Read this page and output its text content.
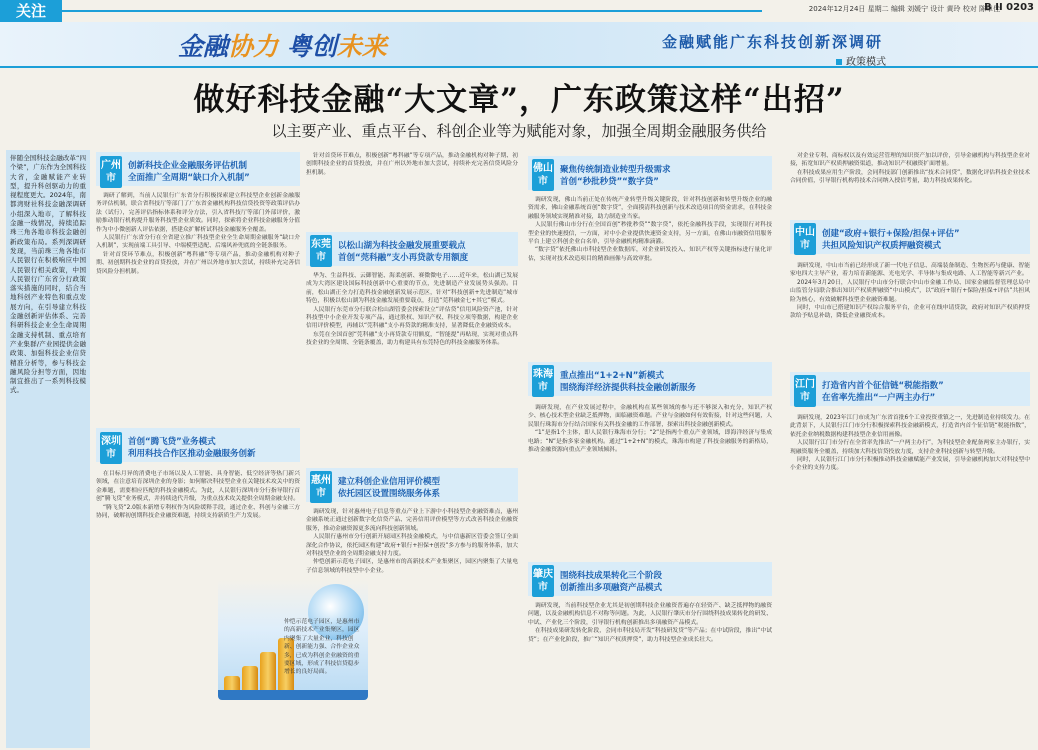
关注	2024年12月24日 星期二 编辑 刘媛宁 设计 黄玲 校对 陈卓佳
B II 0203
金融协力 粤创未来	金融赋能广东科技创新深调研
政策模式
做好科技金融“大文章”，广东政策这样“出招”
以主要产业、重点平台、科创企业等为赋能对象，加强全周期金融服务供给

伴随全国科技金融改革“四个梁”，广东作为全国科技大省，金融赋能产业转型，提升科创驱动力的重视程度更大。2024年，南都湾财社科技金融深调研小组深入地市，了解科技金融一线情况，持续追踪珠三角各地市科技金融创新政策布局。系列深调研发现，当前珠三角各地市人民银行在积极响应中国人民银行相关政策，中国人民银行广东省分行政策落实措施的同时，结合当地科创产业特色和重点发展方向，在引导建立科技金融创新评估体系、完善科研科技企业全生命周期金融支持机制、重点培育产业集群/产业园提供金融政策、加强科技企业信贷精准分析等，参与科技金融风险分担等方面，因地制宜推出了一系列科技模式。

广州市
创新科技企业金融服务评估机制
全面推广全周期“缺口介入机制”

调研了解到，当前人民银行广东省分行积极探索建立科技型企业创新金融服务评估机制，联合省科技厅等部门了广东省金融机构科技信贷投资等政策评估办法（试行），完善评估指标体系和评分方法，引入省科技厅等部门外部评价，激励推动银行机构提升服务科技型企业质效。同时，探索将企业科技金融服务分值作为中小微创新人评估依据，搭建众扩解析试科技金融服务全覆盖。

人民银行广东省分行在全省建立推广科技型企业全生命周期金融服务“缺口介入机制”，实现前端工具引导、中端模型适配、后端风补兜底的全链条服务。

针对首贷环节难点，积极创新“粤科融”等专项产品，推动金融机构对种子期、初创期科技企业的首贷投放，并在广州以外地市加大尝试，持续补充完善信贷风险分担机制。

深圳市
首创“腾飞贷”业务模式
利用科技合作区推动金融服务创新

在目标月异的消费电子市场以及人工智能、具身智能、低空经济等热门新兴领域，在注意培育深圳企业的身影；如何解决科技型企业在关键技术攻关中的资金难题，需要相应匹配的科技金融模式。为此，人民银行深圳市分行指导银行首创“腾飞贷”业务模式，并持续迭代升级，为重点技术攻关提供全周期金融支持。

“腾飞贷”2.0版本新增专利权作为风险缓释手段，通过企业、科创与金融三方协同，破解初创期科技企业融资难题，持续支持新质生产力发展。

针对首贷环节难点，积极创新“粤科融”等专项产品，推动金融机构对种子期、初创期科技企业的首贷投放，并在广州以外地市加大尝试，持续补充完善信贷风险分担机制。

东莞市
以松山湖为科技金融发展重要载点
首创“莞科融”支小再贷款专用额度

华为、生益科技、云御智能、海柔创新、赛微微电子……近年来，松山湖已发展成为大湾区建设国际科技创新中心重要的节点，先进制造产业发展势头强劲。目前，松山湖正全力打造科技金融创新发展示范区，针对“科技创新+先进制造”城市特色，积极以松山湖为科技金融发展重要载点，打造“莞科融金七+其它”模式。

人民银行东莞市分行联合松山湖管委会探索设立“评估贷”信用风险资产池，针对科技型中小企业开发专项产品，通过股权、知识产权、科技立项等数据，构建企业信用评价模型，再辅以“莞科融”支小再贷款的精准支持，显著降低企业融资成本。

东莞在全国首创“莞科融”支小再贷款专用额度，“智能提”再贴现，实现对重点科技企业的全周期、全链条覆盖，助力构建具有东莞特色的科技金融服务体系。

惠州市
建立科创企业信用评价模型
依托园区设置围绕服务体系

调研发现，针对惠州电子信息等重点产业上下游中小科技型企业融资难点，惠州金融系统正通过创新数字化信贷产品、完善信用评价模型等方式改善科技企业融资服务，推动金融资源更多流向科技创新领域。

人民银行惠州市分行创新开展园区科技金融模式，与中信惠新区管委会签订全面深化合作协议，依托园区构建“政府+银行+担保+创投”多方参与的服务体系，加大对科技型企业的全周期金融支持力度。

仲恺创新示范电子园区，是惠州市的高新技术产业集聚区，园区内聚集了大量电子信息领域的科技型中小企业。

仲恺示范电子园区，是惠州市的高新技术产业集聚区，园区内聚集了大量企业，科技创新、创新能力强、合作企业众多，已成为科创企业融资的重要区域，形成了科技信贷稳步增长的良好局面。
佛山市
聚焦传统制造业转型升级需求
首创“秒批秒贷”“数字贷”

调研发现，佛山当前正处在传统产业转型升级关键阶段，针对科技创新和转型升级企业的融资需求，佛山金融系统首创“数字贷”，全面摸清科技创新与技术改造项目的资金需求，在科技金融服务领域实现精准对接，助力制造业当家。

人民银行佛山市分行在全国首创“秒批秒贷”“数字贷”，依托金融科技手段，实现银行对科技型企业的快速授信，一方面，对中小企业提供快速资金支持，另一方面，在佛山市融资信用服务平台上建立科创企业白名单，引导金融机构精准滴灌。

“数字贷”依托佛山市科技型企业数据库，对企业研发投入、知识产权等关键指标进行量化评估，实现对技术改造项目的精准画像与高效审批。

珠海市
重点推出“1+2+N”新模式
围绕海洋经济提供科技金融创新服务

调研发现，在产业发展过程中，金融机构在某些领域的参与还不够深入和充分，知识产权少、核心技术型企业缺乏抵押物，面临融资难题。产业与金融如何有效衔接，针对这些问题，人民银行珠海市分行结合国家有关科技金融的工作部署，探索出科技金融创新模式。

“1”是指1个主体，即人民银行珠海市分行；“2”是指两个重点产业领域，即海洋经济与集成电路；“N”是指多家金融机构。通过“1+2+N”的模式，珠海市构建了科技金融服务的新格局，推动金融资源向重点产业领域倾斜。

肇庆市
围绕科技成果转化三个阶段
创新推出多项融资产品模式

调研发现，当前科技型企业尤其是初创期科技企业融资普遍存在轻资产、缺乏抵押物的融资问题，以及金融机构信息不对称等问题。为此，人民银行肇庆市分行围绕科技成果转化的研发、中试、产业化三个阶段，引导银行机构创新推出多项融资产品模式。

在科技成果研发转化阶段，会同市科技局开发“科技研发贷”等产品；在中试阶段，推出“中试贷”；在产业化阶段，推广“知识产权质押贷”，助力科技型企业成长壮大。

对企业专利、商标权以及有效运营管理的知识资产加以评价，引导金融机构与科技型企业对接，拓宽知识产权质押融资渠道，推动知识产权融资扩面增量。

在科技成果应用生产阶段，会同科技部门创新推出“技术合同贷”，数据化评估科技企业技术合同价值，引导银行机构将技术合同纳入授信考量，助力科技成果转化。

中山市
创建“政府+银行+保险/担保+评估”
共担风险知识产权质押融资模式

调研发现，中山市当前已经形成了新一代电子信息、高端装备制造、生物医药与健康、智能家电四大主导产业，着力培育新能源、光电光学、半导体与集成电路、人工智能等新兴产业。

2024年3月20日，人民银行中山市分行联合中山市金融工作局、国家金融监督管理总局中山监管分局联合推出知识产权质押融资“中山模式”，以“政府+银行+保险/担保+评估”共担风险为核心，有效破解科技型企业融资难题。

同时，中山市已搭建知识产权综合服务平台，企业可在线申请贷款，政府对知识产权质押贷款给予贴息补助，降低企业融资成本。

江门市
打造省内首个征信链“税能指数”
在省率先推出“一户两主办行”

调研发现，2023年江门市成为广东省首批6个工业投资重镇之一，先进制造业持续发力。在此背景下，人民银行江门市分行积极探索科技金融新模式，打造省内首个征信链“税能指数”，依托企业纳税数据构建科技型企业信用画像。

人民银行江门市分行在全省率先推出“一户两主办行”，为科技型企业配备两家主办银行，实现融资服务全覆盖，持续加大科技信贷投放力度，支持企业科技创新与转型升级。

同时，人民银行江门市分行积极推动科技金融赋能产业发展，引导金融机构加大对科技型中小企业的支持力度。
